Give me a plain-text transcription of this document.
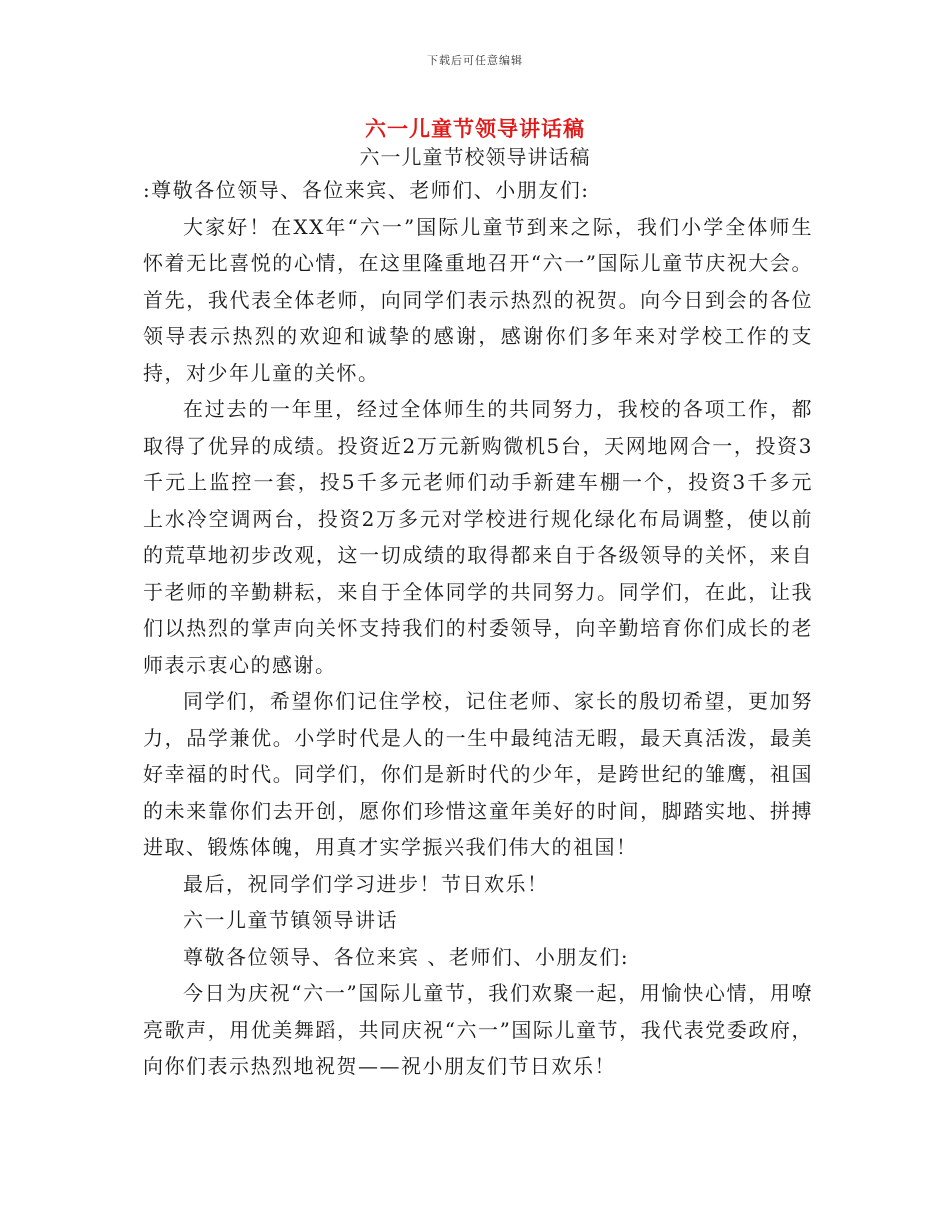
下载后可任意编辑
六一儿童节领导讲话稿
六一儿童节校领导讲话稿

:尊敬各位领导、各位来宾、老师们、小朋友们:

大家好！在XX年“六一”国际儿童节到来之际，我们小学全体师生怀着无比喜悦的心情，在这里隆重地召开“六一”国际儿童节庆祝大会。首先，我代表全体老师，向同学们表示热烈的祝贺。向今日到会的各位领导表示热烈的欢迎和诚挚的感谢，感谢你们多年来对学校工作的支持，对少年儿童的关怀。

在过去的一年里，经过全体师生的共同努力，我校的各项工作，都取得了优异的成绩。投资近2万元新购微机5台，天网地网合一，投资3千元上监控一套，投5千多元老师们动手新建车棚一个，投资3千多元上水冷空调两台，投资2万多元对学校进行规化绿化布局调整，使以前的荒草地初步改观，这一切成绩的取得都来自于各级领导的关怀，来自于老师的辛勤耕耘，来自于全体同学的共同努力。同学们，在此，让我们以热烈的掌声向关怀支持我们的村委领导，向辛勤培育你们成长的老师表示衷心的感谢。

同学们，希望你们记住学校，记住老师、家长的殷切希望，更加努力，品学兼优。小学时代是人的一生中最纯洁无暇，最天真活泼，最美好幸福的时代。同学们，你们是新时代的少年，是跨世纪的雏鹰，祖国的未来靠你们去开创，愿你们珍惜这童年美好的时间，脚踏实地、拼搏进取、锻炼体魄，用真才实学振兴我们伟大的祖国！

最后，祝同学们学习进步！节日欢乐！

六一儿童节镇领导讲话

尊敬各位领导、各位来宾 、老师们、小朋友们:

今日为庆祝“六一”国际儿童节，我们欢聚一起，用愉快心情，用嘹亮歌声，用优美舞蹈，共同庆祝“六一”国际儿童节，我代表党委政府，向你们表示热烈地祝贺——祝小朋友们节日欢乐！
